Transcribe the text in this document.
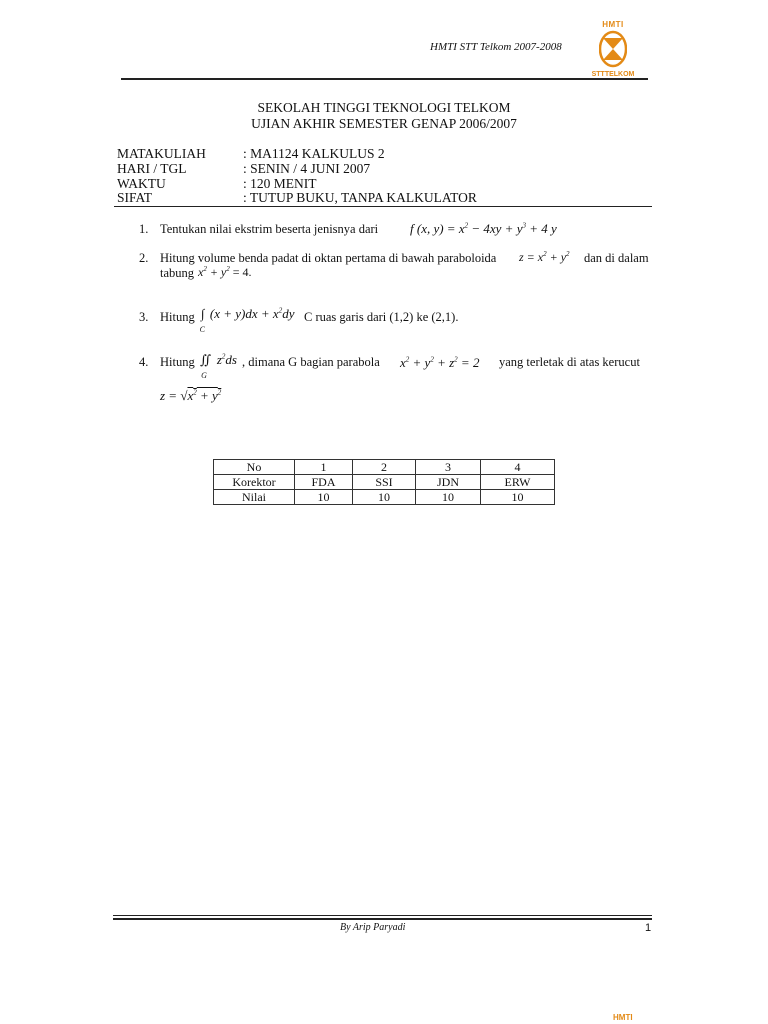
HMTI STT Telkom 2007-2008
HMTI
STTTELKOM
SEKOLAH TINGGI TEKNOLOGI TELKOM
UJIAN AKHIR SEMESTER GENAP 2006/2007
MATAKULIAH	: MA1124 KALKULUS 2
HARI / TGL	: SENIN / 4 JUNI 2007
WAKTU	: 120 MENIT
SIFAT	: TUTUP BUKU, TANPA KALKULATOR
1. Tentukan nilai ekstrim beserta jenisnya dari f (x, $y) = x^2 - 4xy + y^3 + 4$ y
2. Hitung volume benda padat di oktan pertama di bawah paraboloida $z = x^2 + y^2$ dan di dalam
tabung $x^2 + y^2 = 4$.
3. Hitung $\int_C(x + y)dx + x^2dy$ C ruas garis dari (1,2) ke (2,1).
4. Hitung $∬_Gz^2ds$ , dimana G bagian parabola $x^2 + y^2 + z^2 = 2$ yang terletak di atas kerucut
$z = √x^2 + y^2$
No	1	2	3	4
Korektor	FDA	SSI	JDN	ERW
Nilai	10	10	10	10
By Arip Paryadi	1
HMTI
